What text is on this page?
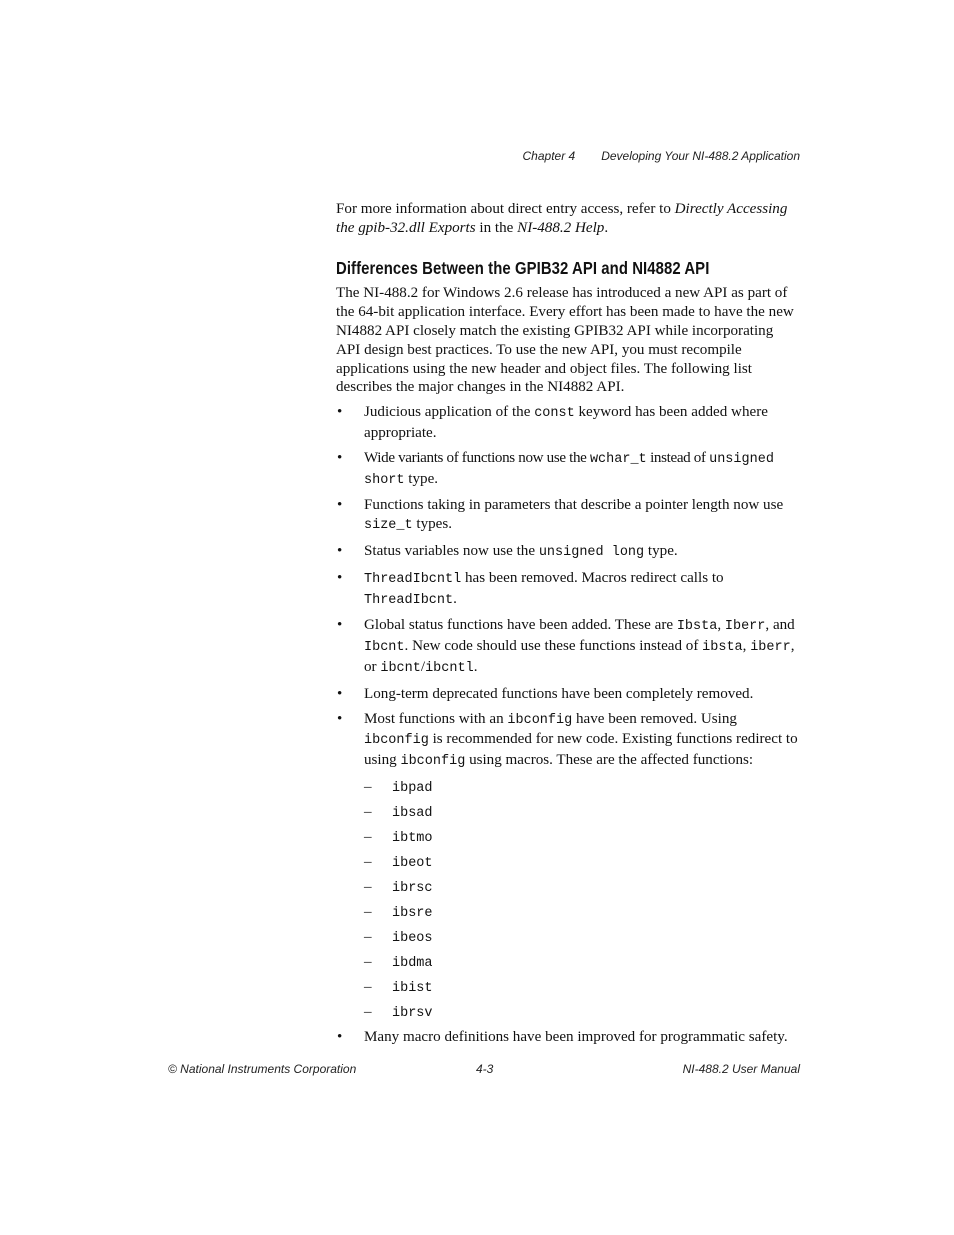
Chapter 4 Developing Your NI-488.2 Application

For more information about direct entry access, refer to Directly Accessing the gpib-32.dll Exports in the NI-488.2 Help.

Differences Between the GPIB32 API and NI4882 API

The NI-488.2 for Windows 2.6 release has introduced a new API as part of the 64-bit application interface. Every effort has been made to have the new NI4882 API closely match the existing GPIB32 API while incorporating API design best practices. To use the new API, you must recompile applications using the new header and object files. The following list describes the major changes in the NI4882 API.

• Judicious application of the const keyword has been added where appropriate.
• Wide variants of functions now use the wchar_t instead of unsigned short type.
• Functions taking in parameters that describe a pointer length now use size_t types.
• Status variables now use the unsigned long type.
• ThreadIbcntl has been removed. Macros redirect calls to ThreadIbcnt.
• Global status functions have been added. These are Ibsta, Iberr, and Ibcnt. New code should use these functions instead of ibsta, iberr, or ibcnt/ibcntl.
• Long-term deprecated functions have been completely removed.
• Most functions with an ibconfig have been removed. Using ibconfig is recommended for new code. Existing functions redirect to using ibconfig using macros. These are the affected functions:
– ibpad
– ibsad
– ibtmo
– ibeot
– ibrsc
– ibsre
– ibeos
– ibdma
– ibist
– ibrsv
• Many macro definitions have been improved for programmatic safety.
© National Instruments Corporation	4-3	NI-488.2 User Manual
